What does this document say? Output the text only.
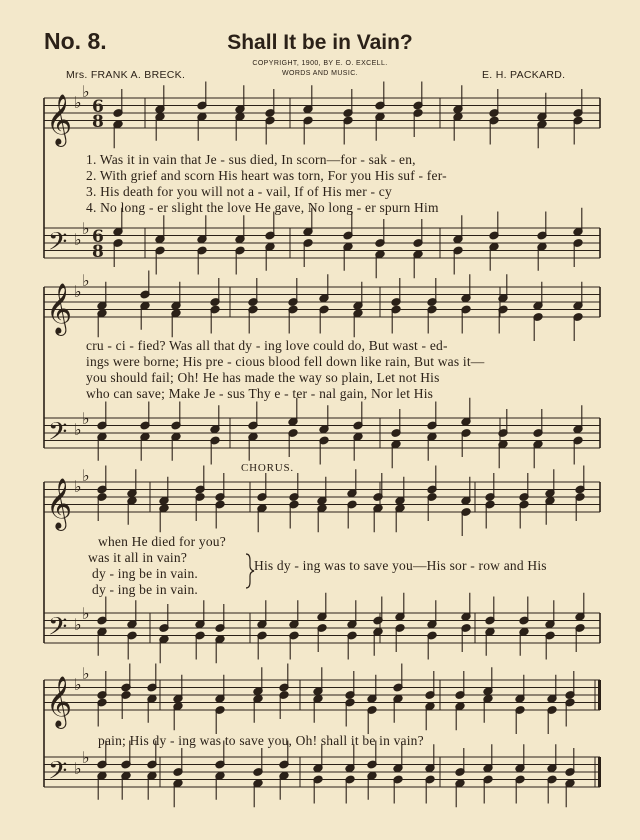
No. 8.	Shall It be in Vain?
COPYRIGHT, 1900, BY E. O. EXCELL.
WORDS AND MUSIC.
Mrs. FRANK A. BRECK.	E. H. PACKARD.
1. Was it in vain that Je - sus died, In scorn—for - sak - en,
2. With grief and scorn His heart was torn, For you His suf - fer-
3. His death for you will not a - vail, If of His mer - cy
4. No long - er slight the love He gave, No long - er spurn Him
cru - ci - fied? Was all that dy - ing love could do, But wast - ed-
ings were borne; His pre - cious blood fell down like rain, But was it—
you should fail; Oh! He has made the way so plain, Let not His
who can save; Make Je - sus Thy e - ter - nal gain, Nor let His
CHORUS.
when He died for you?
was it all in vain?
dy - ing be in vain.
dy - ing be in vain.
His dy - ing was to save you—His sor - row and His
pain; His dy - ing was to save you, Oh! shall it be in vain?
𝄞
𝄢
♭
♭
♭
♭
6
8
6
8
𝄞
𝄢
♭
♭
♭
♭
𝄞
𝄢
♭
♭
♭
♭
𝄞
𝄢
♭
♭
♭
♭
